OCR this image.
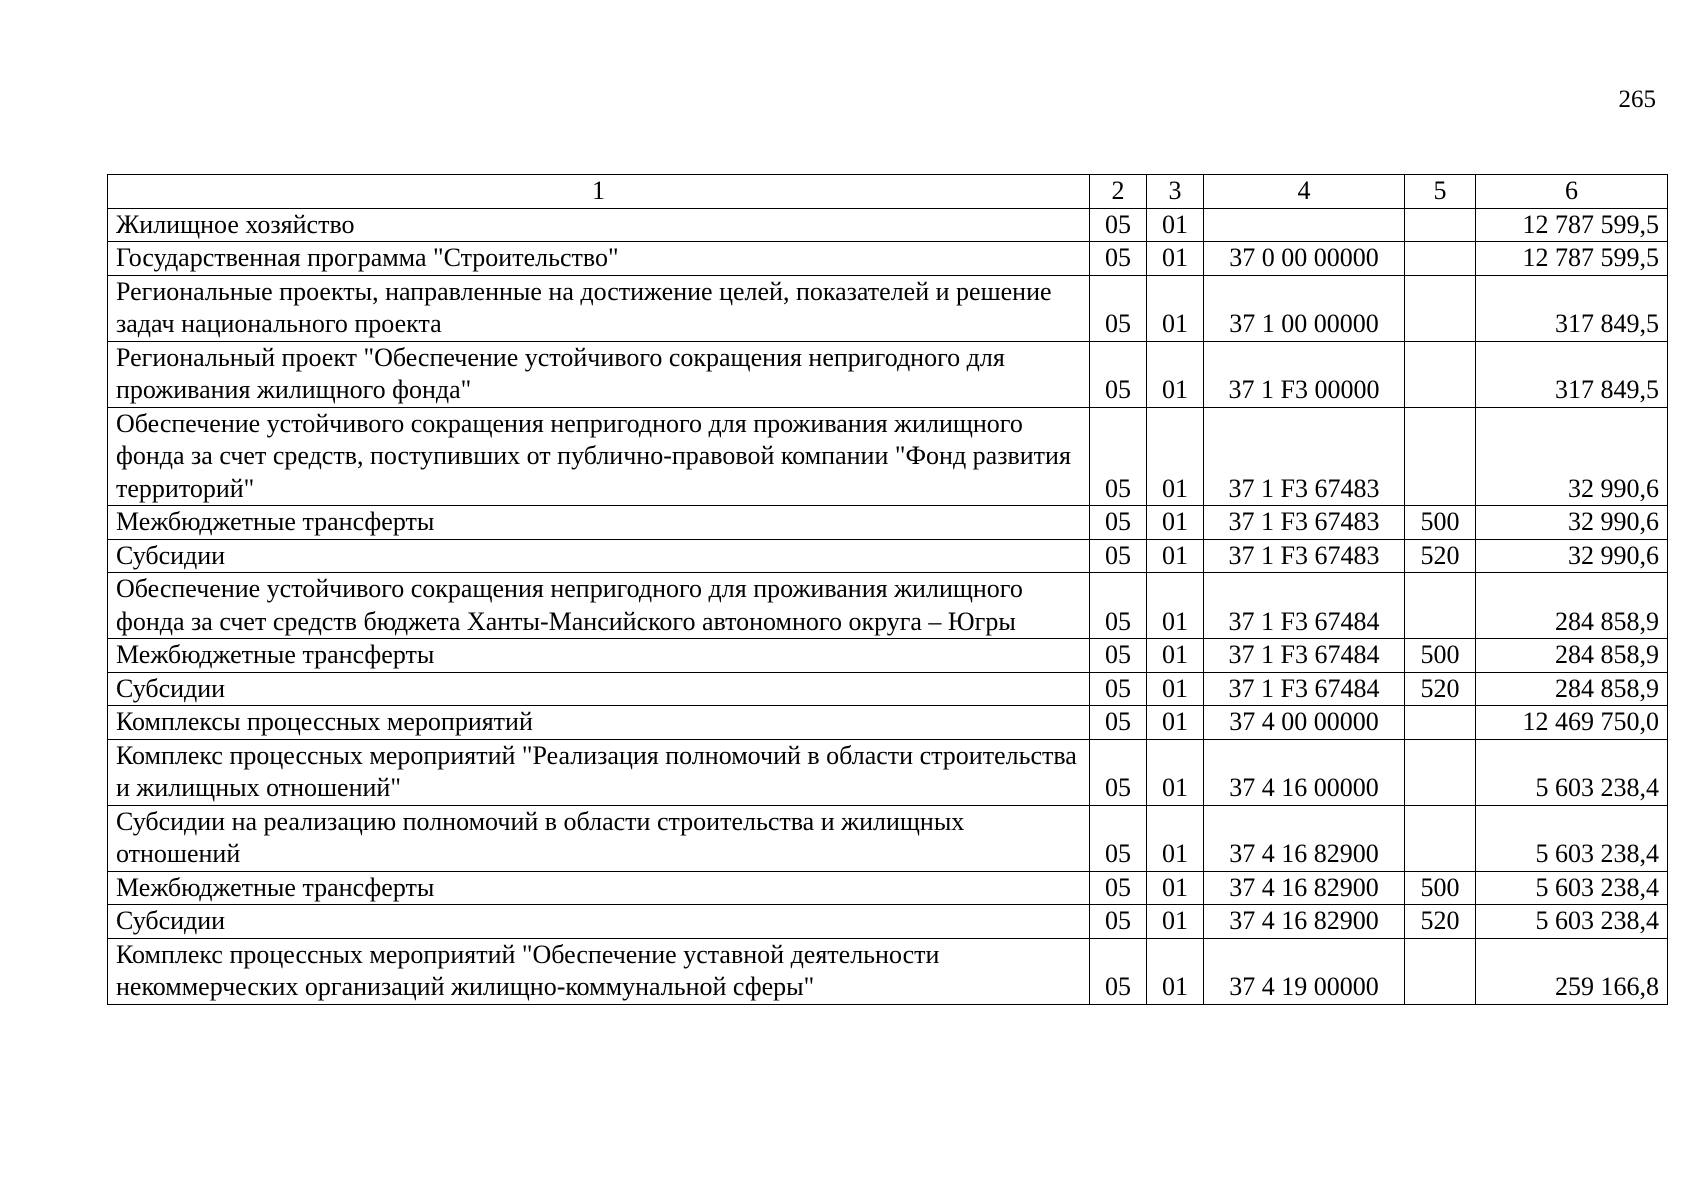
265
1	2	3	4	5	6
Жилищное хозяйство	05	01			12 787 599,5
Государственная программа "Строительство"	05	01	37 0 00 00000		12 787 599,5
Региональные проекты, направленные на достижение целей, показателей и решение задач национального проекта	05	01	37 1 00 00000		317 849,5
Региональный проект "Обеспечение устойчивого сокращения непригодного для проживания жилищного фонда"	05	01	37 1 F3 00000		317 849,5
Обеспечение устойчивого сокращения непригодного для проживания жилищного фонда за счет средств, поступивших от публично-правовой компании "Фонд развития территорий"	05	01	37 1 F3 67483		32 990,6
Межбюджетные трансферты	05	01	37 1 F3 67483	500	32 990,6
Субсидии	05	01	37 1 F3 67483	520	32 990,6
Обеспечение устойчивого сокращения непригодного для проживания жилищного фонда за счет средств бюджета Ханты-Мансийского автономного округа – Югры	05	01	37 1 F3 67484		284 858,9
Межбюджетные трансферты	05	01	37 1 F3 67484	500	284 858,9
Субсидии	05	01	37 1 F3 67484	520	284 858,9
Комплексы процессных мероприятий	05	01	37 4 00 00000		12 469 750,0
Комплекс процессных мероприятий "Реализация полномочий в области строительства и жилищных отношений"	05	01	37 4 16 00000		5 603 238,4
Субсидии на реализацию полномочий в области строительства и жилищных отношений	05	01	37 4 16 82900		5 603 238,4
Межбюджетные трансферты	05	01	37 4 16 82900	500	5 603 238,4
Субсидии	05	01	37 4 16 82900	520	5 603 238,4
Комплекс процессных мероприятий "Обеспечение уставной деятельности некоммерческих организаций жилищно-коммунальной сферы"	05	01	37 4 19 00000		259 166,8
